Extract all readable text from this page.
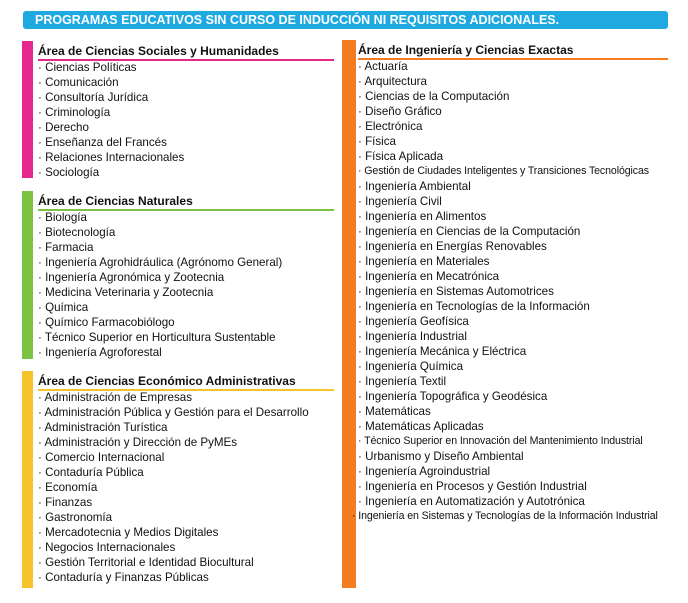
PROGRAMAS EDUCATIVOS SIN CURSO DE INDUCCIÓN NI REQUISITOS ADICIONALES.
Área de Ciencias Sociales y Humanidades
· Ciencias Políticas
· Comunicación
· Consultoría Jurídica
· Criminología
· Derecho
· Enseñanza del Francés
· Relaciones Internacionales
· Sociología
Área de Ciencias Naturales
· Biología
· Biotecnología
· Farmacia
· Ingeniería Agrohidráulica (Agrónomo General)
· Ingeniería Agronómica y Zootecnia
· Medicina Veterinaria y Zootecnia
· Química
· Químico Farmacobiólogo
· Técnico Superior en Horticultura Sustentable
· Ingeniería Agroforestal
Área de Ciencias Económico Administrativas
· Administración de Empresas
· Administración Pública y Gestión para el Desarrollo
· Administración Turística
· Administración y Dirección de PyMEs
· Comercio Internacional
· Contaduría Pública
· Economía
· Finanzas
· Gastronomía
· Mercadotecnia y Medios Digitales
· Negocios Internacionales
· Gestión Territorial e Identidad Biocultural
· Contaduría y Finanzas Públicas
Área de Ingeniería y Ciencias Exactas
· Actuaría
· Arquitectura
· Ciencias de la Computación
· Diseño Gráfico
· Electrónica
· Física
· Física Aplicada
· Gestión de Ciudades Inteligentes y Transiciones Tecnológicas
· Ingeniería Ambiental
· Ingeniería Civil
· Ingeniería en Alimentos
· Ingeniería en Ciencias de la Computación
· Ingeniería en Energías Renovables
· Ingeniería en Materiales
· Ingeniería en Mecatrónica
· Ingeniería en Sistemas Automotrices
· Ingeniería en Tecnologías de la Información
· Ingeniería Geofísica
· Ingeniería Industrial
· Ingeniería Mecánica y Eléctrica
· Ingeniería Química
· Ingeniería Textil
· Ingeniería Topográfica y Geodésica
· Matemáticas
· Matemáticas Aplicadas
· Técnico Superior en Innovación del Mantenimiento Industrial
· Urbanismo y Diseño Ambiental
· Ingeniería Agroindustrial
· Ingeniería en Procesos y Gestión Industrial
· Ingeniería en Automatización y Autotrónica
· Ingeniería en Sistemas y Tecnologías de la Información Industrial
